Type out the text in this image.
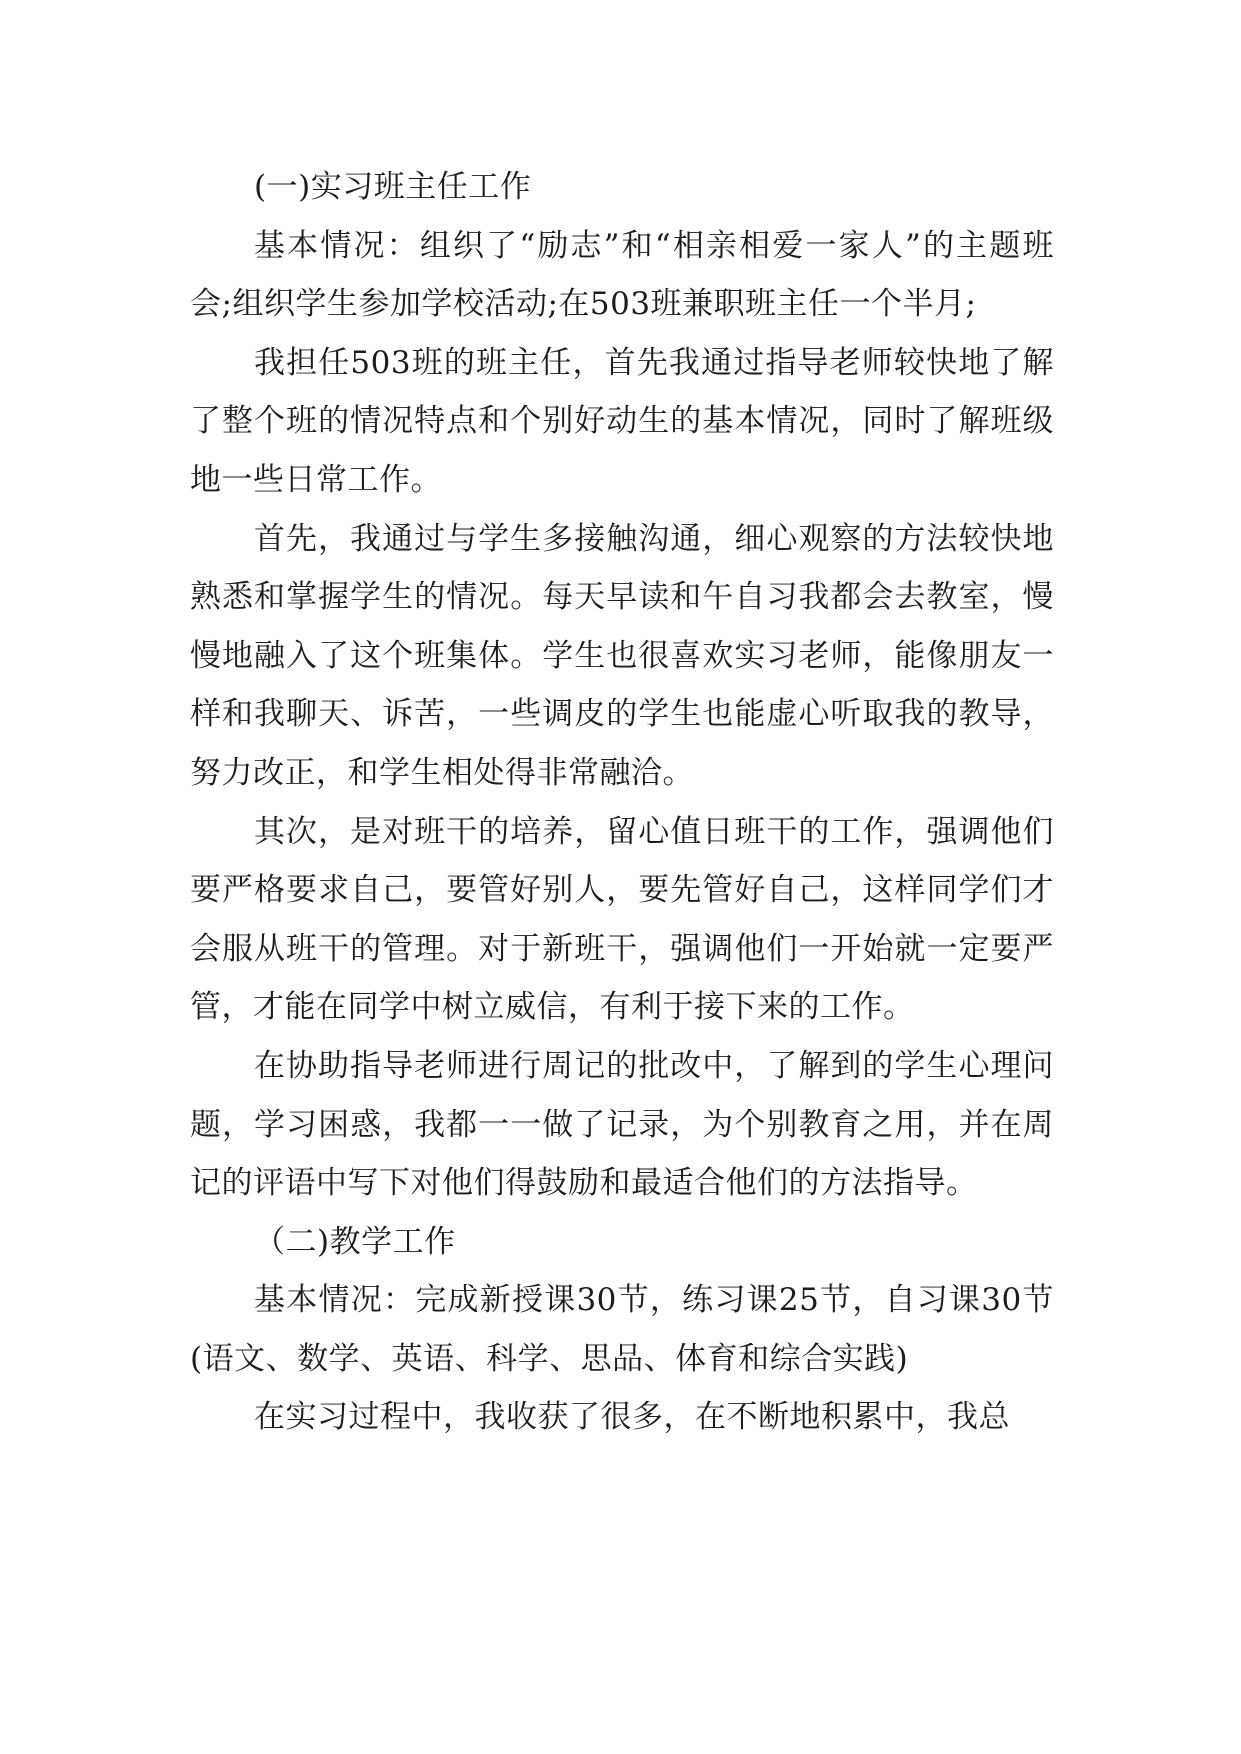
(一)实习班主任工作

基本情况：组织了“励志”和“相亲相爱一家人”的主题班会;组织学生参加学校活动;在503班兼职班主任一个半月;

我担任503班的班主任，首先我通过指导老师较快地了解了整个班的情况特点和个别好动生的基本情况，同时了解班级地一些日常工作。

首先，我通过与学生多接触沟通，细心观察的方法较快地熟悉和掌握学生的情况。每天早读和午自习我都会去教室，慢慢地融入了这个班集体。学生也很喜欢实习老师，能像朋友一样和我聊天、诉苦，一些调皮的学生也能虚心听取我的教导，努力改正，和学生相处得非常融洽。

其次，是对班干的培养，留心值日班干的工作，强调他们要严格要求自己，要管好别人，要先管好自己，这样同学们才会服从班干的管理。对于新班干，强调他们一开始就一定要严管，才能在同学中树立威信，有利于接下来的工作。

在协助指导老师进行周记的批改中，了解到的学生心理问题，学习困惑，我都一一做了记录，为个别教育之用，并在周记的评语中写下对他们得鼓励和最适合他们的方法指导。

（二)教学工作

基本情况：完成新授课30节，练习课25节，自习课30节(语文、数学、英语、科学、思品、体育和综合实践)

在实习过程中，我收获了很多，在不断地积累中，我总
